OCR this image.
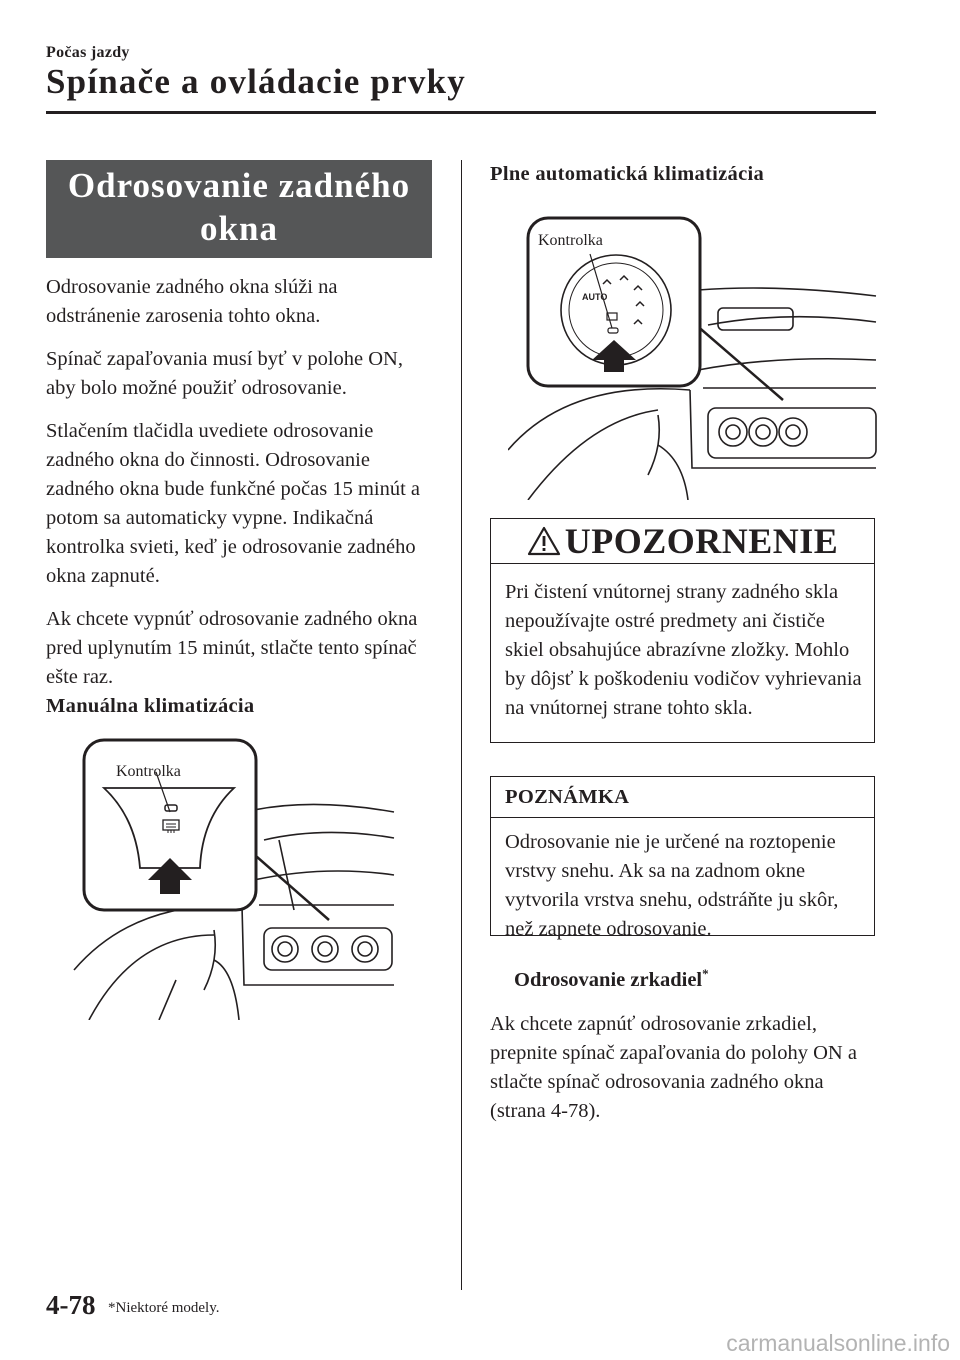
Počas jazdy
Spínače a ovládacie prvky
Odrosovanie zadného
okna

Odrosovanie zadného okna slúži na odstránenie zarosenia tohto okna.

Spínač zapaľovania musí byť v polohe ON, aby bolo možné použiť odrosovanie.

Stlačením tlačidla uvediete odrosovanie zadného okna do činnosti. Odrosovanie zadného okna bude funkčné počas 15 minút a potom sa automaticky vypne. Indikačná kontrolka svieti, keď je odrosovanie zadného okna zapnuté.

Ak chcete vypnúť odrosovanie zadného okna pred uplynutím 15 minút, stlačte tento spínač ešte raz.

Manuálna klimatizácia

Kontrolka

Plne automatická klimatizácia

AUTO
Kontrolka
UPOZORNENIE
Pri čistení vnútornej strany zadného skla nepoužívajte ostré predmety ani čističe skiel obsahujúce abrazívne zložky. Mohlo by dôjsť k poškodeniu vodičov vyhrievania na vnútornej strane tohto skla.
POZNÁMKA
Odrosovanie nie je určené na roztopenie vrstvy snehu. Ak sa na zadnom okne vytvorila vrstva snehu, odstráňte ju skôr, než zapnete odrosovanie.
Odrosovanie zrkadiel*
Ak chcete zapnúť odrosovanie zrkadiel, prepnite spínač zapaľovania do polohy ON a stlačte spínač odrosovania zadného okna (strana 4-78).
4-78 *Niektoré modely.
carmanualsonline.info
